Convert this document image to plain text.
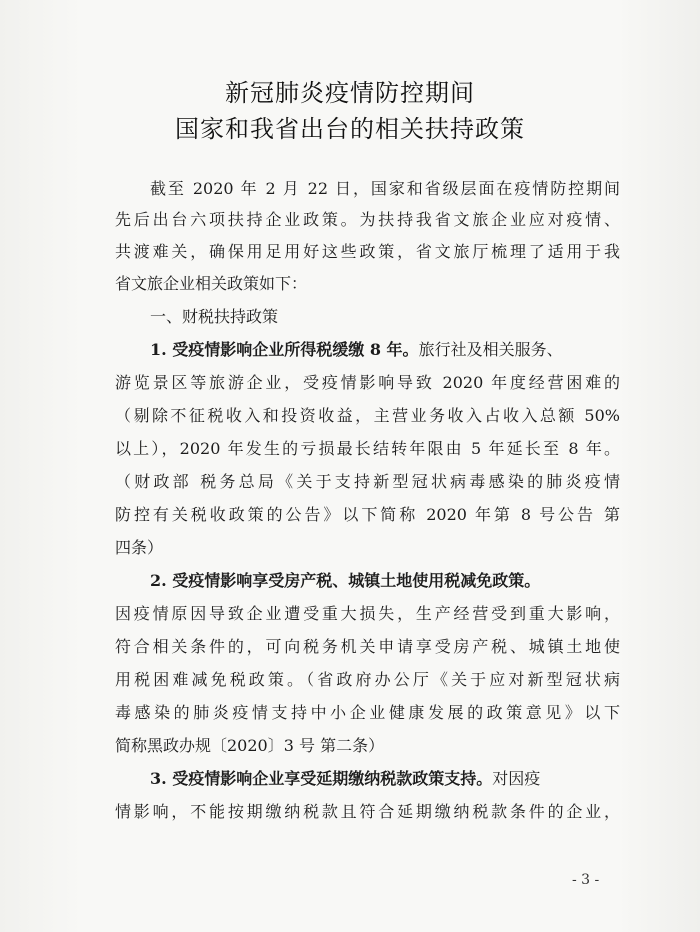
新冠肺炎疫情防控期间
国家和我省出台的相关扶持政策
截至 2020 年 2 月 22 日，国家和省级层面在疫情防控期间
先后出台六项扶持企业政策。为扶持我省文旅企业应对疫情、
共渡难关，确保用足用好这些政策，省文旅厅梳理了适用于我
省文旅企业相关政策如下：
一、财税扶持政策
1. 受疫情影响企业所得税缓缴 8 年。旅行社及相关服务、
游览景区等旅游企业，受疫情影响导致 2020 年度经营困难的
（剔除不征税收入和投资收益，主营业务收入占收入总额 50%
以上），2020 年发生的亏损最长结转年限由 5 年延长至 8 年。
（财政部 税务总局《关于支持新型冠状病毒感染的肺炎疫情
防控有关税收政策的公告》以下简称 2020 年第 8 号公告 第
四条）
2. 受疫情影响享受房产税、城镇土地使用税减免政策。
因疫情原因导致企业遭受重大损失，生产经营受到重大影响，
符合相关条件的，可向税务机关申请享受房产税、城镇土地使
用税困难减免税政策。（省政府办公厅《关于应对新型冠状病
毒感染的肺炎疫情支持中小企业健康发展的政策意见》以下
简称黑政办规〔2020〕3 号 第二条）
3. 受疫情影响企业享受延期缴纳税款政策支持。对因疫
情影响，不能按期缴纳税款且符合延期缴纳税款条件的企业，
- 3 -
